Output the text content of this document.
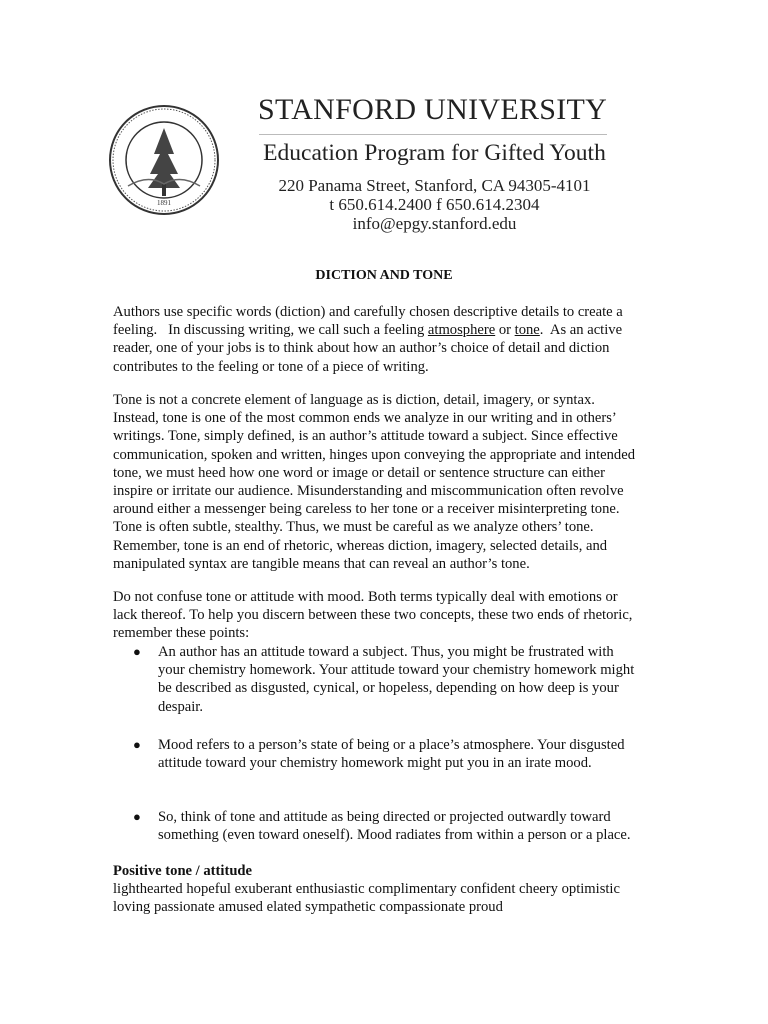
1891
STANFORD UNIVERSITY
Education Program for Gifted Youth
220 Panama Street, Stanford, CA 94305-4101
t 650.614.2400 f 650.614.2304
info@epgy.stanford.edu
DICTION AND TONE
Authors use specific words (diction) and carefully chosen descriptive details to create a
feeling.   In discussing writing, we call such a feeling atmosphere or tone.  As an active
reader, one of your jobs is to think about how an author’s choice of detail and diction
contributes to the feeling or tone of a piece of writing.
Tone is not a concrete element of language as is diction, detail, imagery, or syntax.
Instead, tone is one of the most common ends we analyze in our writing and in others’
writings. Tone, simply defined, is an author’s attitude toward a subject. Since effective
communication, spoken and written, hinges upon conveying the appropriate and intended
tone, we must heed how one word or image or detail or sentence structure can either
inspire or irritate our audience. Misunderstanding and miscommunication often revolve
around either a messenger being careless to her tone or a receiver misinterpreting tone.
Tone is often subtle, stealthy. Thus, we must be careful as we analyze others’ tone.
Remember, tone is an end of rhetoric, whereas diction, imagery, selected details, and
manipulated syntax are tangible means that can reveal an author’s tone.
Do not confuse tone or attitude with mood. Both terms typically deal with emotions or
lack thereof. To help you discern between these two concepts, these two ends of rhetoric,
remember these points:
● An author has an attitude toward a subject. Thus, you might be frustrated with
your chemistry homework. Your attitude toward your chemistry homework might
be described as disgusted, cynical, or hopeless, depending on how deep is your
despair.
● Mood refers to a person’s state of being or a place’s atmosphere. Your disgusted
attitude toward your chemistry homework might put you in an irate mood.
● So, think of tone and attitude as being directed or projected outwardly toward
something (even toward oneself). Mood radiates from within a person or a place.
Positive tone / attitude
lighthearted hopeful exuberant enthusiastic complimentary confident cheery optimistic
loving passionate amused elated sympathetic compassionate proud
